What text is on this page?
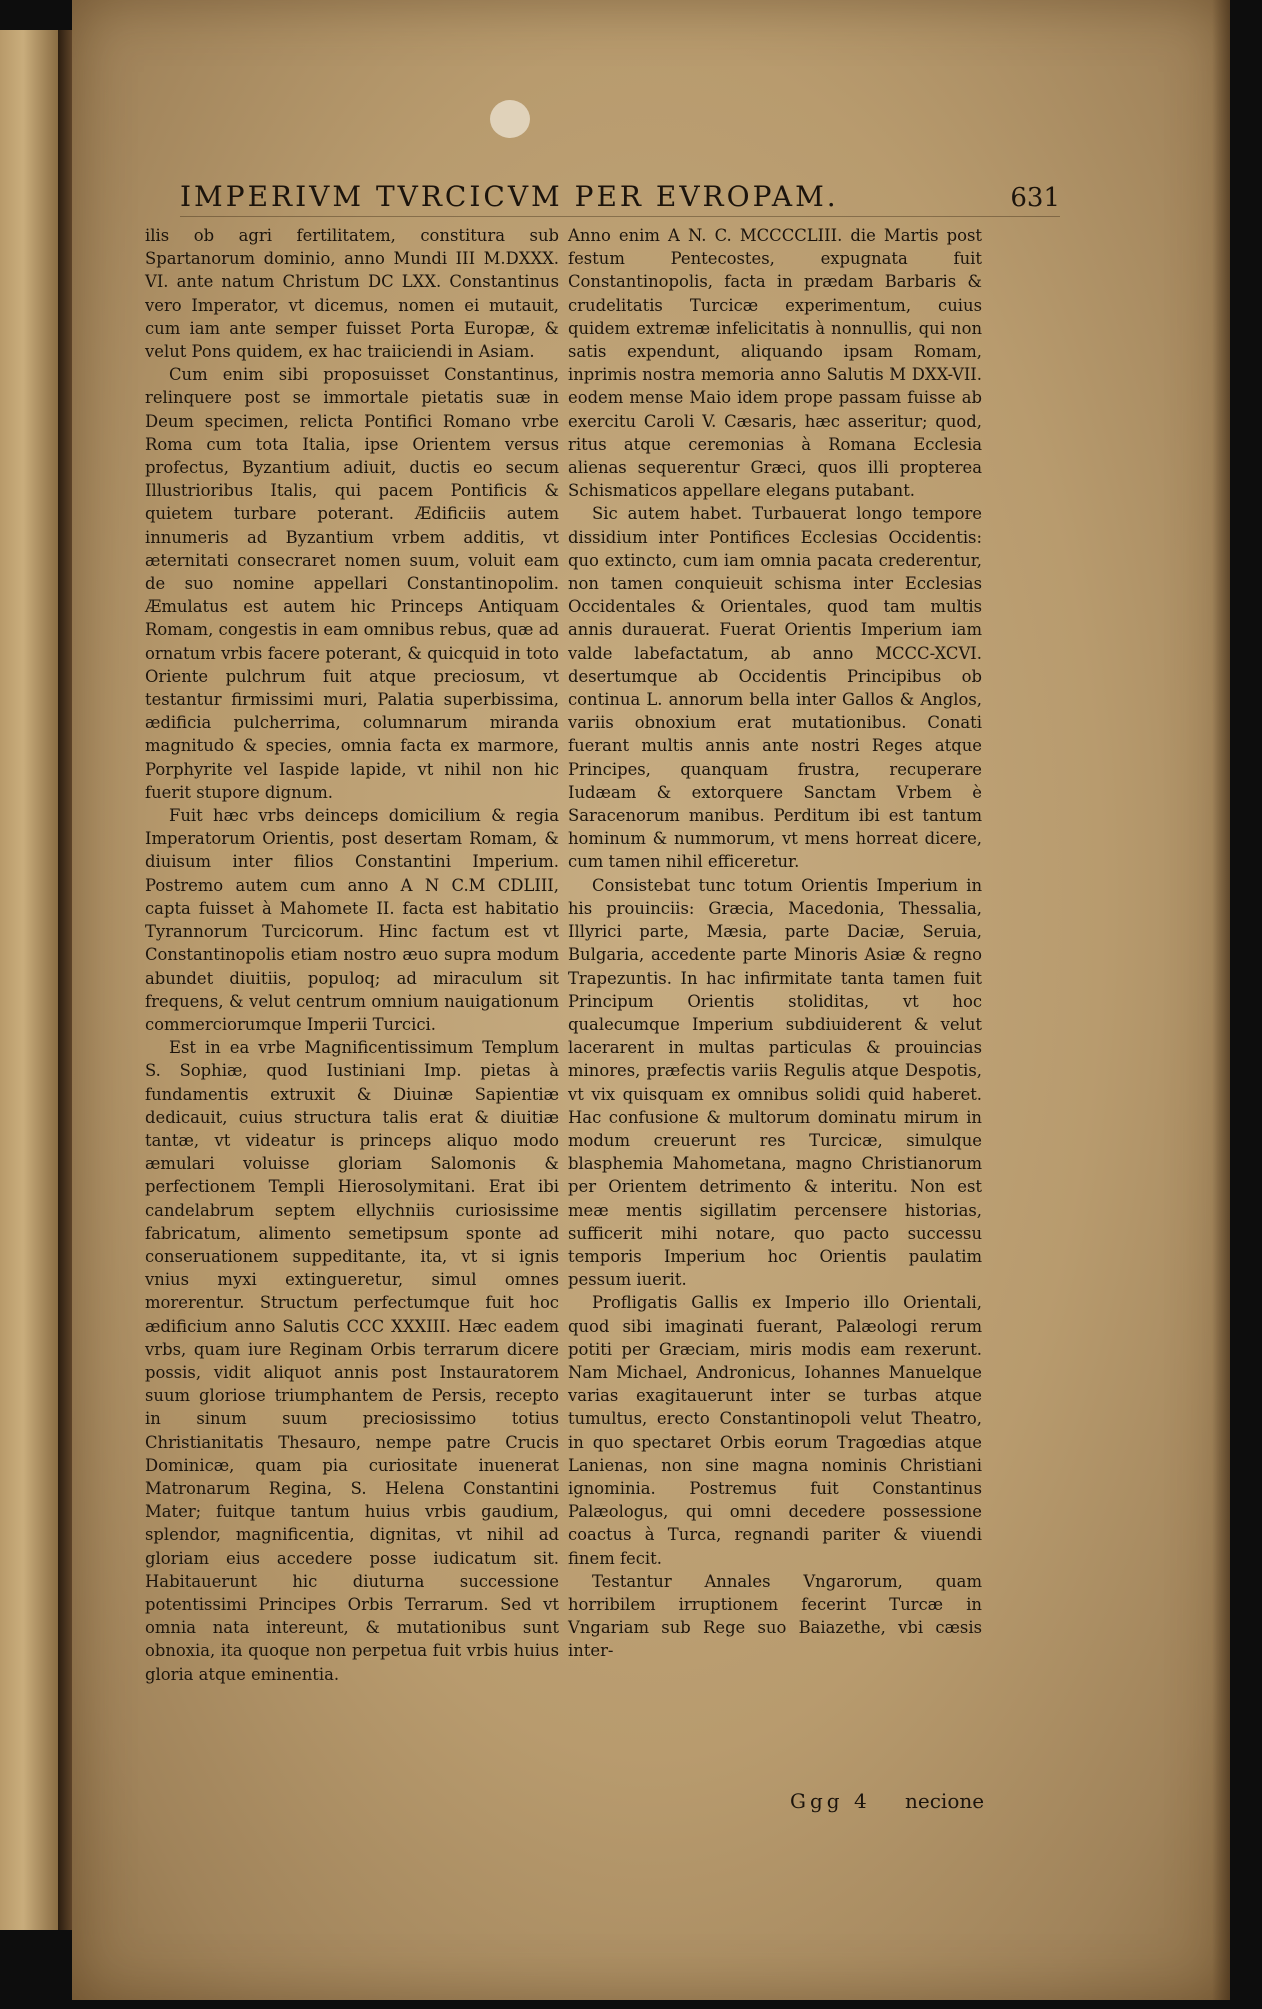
IMPERIVM TVRCICVM PER EVROPAM.	631

ilis ob agri fertilitatem, constitura sub Spartanorum dominio, anno Mundi III M.DXXX. VI. ante natum Christum DC LXX. Constantinus vero Imperator, vt dicemus, nomen ei mutauit, cum iam ante semper fuisset Porta Europæ, & velut Pons quidem, ex hac traiiciendi in Asiam.

Cum enim sibi proposuisset Constantinus, relinquere post se immortale pietatis suæ in Deum specimen, relicta Pontifici Romano vrbe Roma cum tota Italia, ipse Orientem versus profectus, Byzantium adiuit, ductis eo secum Illustrioribus Italis, qui pacem Pontificis & quietem turbare poterant. Ædificiis autem innumeris ad Byzantium vrbem additis, vt æternitati consecraret nomen suum, voluit eam de suo nomine appellari Constantinopolim. Æmulatus est autem hic Princeps Antiquam Romam, congestis in eam omnibus rebus, quæ ad ornatum vrbis facere poterant, & quicquid in toto Oriente pulchrum fuit atque preciosum, vt testantur firmissimi muri, Palatia superbissima, ædificia pulcherrima, columnarum miranda magnitudo & species, omnia facta ex marmore, Porphyrite vel Iaspide lapide, vt nihil non hic fuerit stupore dignum.

Fuit hæc vrbs deinceps domicilium & regia Imperatorum Orientis, post desertam Romam, & diuisum inter filios Constantini Imperium. Postremo autem cum anno A N C.M CDLIII, capta fuisset à Mahomete II. facta est habitatio Tyrannorum Turcicorum. Hinc factum est vt Constantinopolis etiam nostro æuo supra modum abundet diuitiis, populoq; ad miraculum sit frequens, & velut centrum omnium nauigationum commerciorumque Imperii Turcici.

Est in ea vrbe Magnificentissimum Templum S. Sophiæ, quod Iustiniani Imp. pietas à fundamentis extruxit & Diuinæ Sapientiæ dedicauit, cuius structura talis erat & diuitiæ tantæ, vt videatur is princeps aliquo modo æmulari voluisse gloriam Salomonis & perfectionem Templi Hierosolymitani. Erat ibi candelabrum septem ellychniis curiosissime fabricatum, alimento semetipsum sponte ad conseruationem suppeditante, ita, vt si ignis vnius myxi extingueretur, simul omnes morerentur. Structum perfectumque fuit hoc ædificium anno Salutis CCC XXXIII. Hæc eadem vrbs, quam iure Reginam Orbis terrarum dicere possis, vidit aliquot annis post Instauratorem suum gloriose triumphantem de Persis, recepto in sinum suum preciosissimo totius Christianitatis Thesauro, nempe patre Crucis Dominicæ, quam pia curiositate inuenerat Matronarum Regina, S. Helena Constantini Mater; fuitque tantum huius vrbis gaudium, splendor, magnificentia, dignitas, vt nihil ad gloriam eius accedere posse iudicatum sit. Habitauerunt hic diuturna successione potentissimi Principes Orbis Terrarum. Sed vt omnia nata intereunt, & mutationibus sunt obnoxia, ita quoque non perpetua fuit vrbis huius gloria atque eminentia.

Anno enim A N. C. MCCCCLIII. die Martis post festum Pentecostes, expugnata fuit Constantinopolis, facta in prædam Barbaris & crudelitatis Turcicæ experimentum, cuius quidem extremæ infelicitatis à nonnullis, qui non satis expendunt, aliquando ipsam Romam, inprimis nostra memoria anno Salutis M DXX-VII. eodem mense Maio idem prope passam fuisse ab exercitu Caroli V. Cæsaris, hæc asseritur; quod, ritus atque ceremonias à Romana Ecclesia alienas sequerentur Græci, quos illi propterea Schismaticos appellare elegans putabant.

Sic autem habet. Turbauerat longo tempore dissidium inter Pontifices Ecclesias Occidentis: quo extincto, cum iam omnia pacata crederentur, non tamen conquieuit schisma inter Ecclesias Occidentales & Orientales, quod tam multis annis durauerat. Fuerat Orientis Imperium iam valde labefactatum, ab anno MCCC-XCVI. desertumque ab Occidentis Principibus ob continua L. annorum bella inter Gallos & Anglos, variis obnoxium erat mutationibus. Conati fuerant multis annis ante nostri Reges atque Principes, quanquam frustra, recuperare Iudæam & extorquere Sanctam Vrbem è Saracenorum manibus. Perditum ibi est tantum hominum & nummorum, vt mens horreat dicere, cum tamen nihil efficeretur.

Consistebat tunc totum Orientis Imperium in his prouinciis: Græcia, Macedonia, Thessalia, Illyrici parte, Mæsia, parte Daciæ, Seruia, Bulgaria, accedente parte Minoris Asiæ & regno Trapezuntis. In hac infirmitate tanta tamen fuit Principum Orientis stoliditas, vt hoc qualecumque Imperium subdiuiderent & velut lacerarent in multas particulas & prouincias minores, præfectis variis Regulis atque Despotis, vt vix quisquam ex omnibus solidi quid haberet. Hac confusione & multorum dominatu mirum in modum creuerunt res Turcicæ, simulque blasphemia Mahometana, magno Christianorum per Orientem detrimento & interitu. Non est meæ mentis sigillatim percensere historias, sufficerit mihi notare, quo pacto successu temporis Imperium hoc Orientis paulatim pessum iuerit.

Profligatis Gallis ex Imperio illo Orientali, quod sibi imaginati fuerant, Palæologi rerum potiti per Græciam, miris modis eam rexerunt. Nam Michael, Andronicus, Iohannes Manuelque varias exagitauerunt inter se turbas atque tumultus, erecto Constantinopoli velut Theatro, in quo spectaret Orbis eorum Tragœdias atque Lanienas, non sine magna nominis Christiani ignominia. Postremus fuit Constantinus Palæologus, qui omni decedere possessione coactus à Turca, regnandi pariter & viuendi finem fecit.

Testantur Annales Vngarorum, quam horribilem irruptionem fecerint Turcæ in Vngariam sub Rege suo Baiazethe, vbi cæsis inter-

Ggg 4 necione
